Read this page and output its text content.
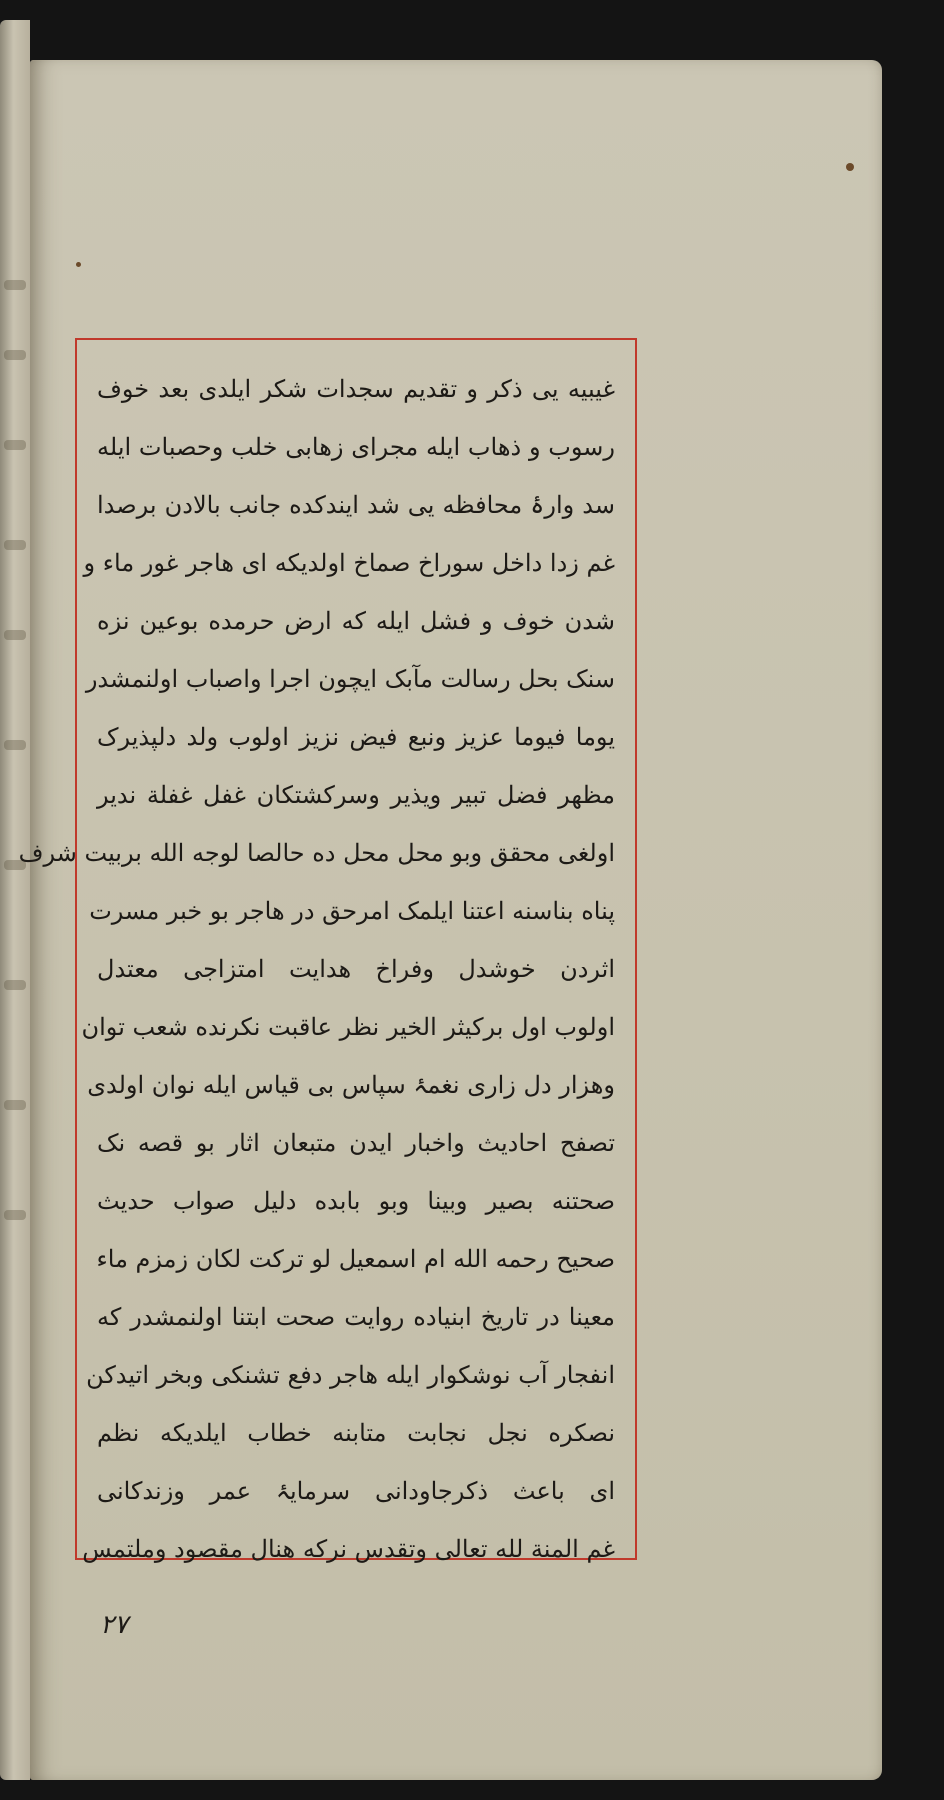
غیبیه یی ذکر و تقدیم سجدات شکر ایلدی بعد خوف
رسوب و ذهاب ایله مجرای زهابی خلب وحصبات ایله
سد وارۂ محافظه یی شد ایندکده جانب بالادن برصدا
غم زدا داخل سوراخ صماخ اولدیکه ای هاجر غور ماء و
شدن خوف و فشل ایله که ارض حرمده بوعین نزه
سنک بحل رسالت مآبک ایچون اجرا واصباب اولنمشدر
یوما فیوما عزیز ونبع فیض نزیز اولوب ولد دلپذیرک
مظهر فضل تبیر ویذیر وسرکشتکان غفل غفلة ندیر
اولغی محقق وبو محل محل ده حالصا لوجه الله بربیت شرف
پناه بناسنه اعتنا ایلمک امرحق در هاجر بو خبر مسرت
اثردن خوشدل وفراخ هدایت امتزاجی معتدل
اولوب اول برکیثر الخیر نظر عاقبت نکرنده شعب توان
وهزار دل زاری نغمۂ سپاس بی قیاس ایله نوان اولدی
تصفح احادیث واخبار ایدن متبعان اثار بو قصه نک
صحتنه بصیر وبینا وبو بابده دلیل صواب حدیث
صحیح رحمه الله ام اسمعیل لو ترکت لکان زمزم ماء
معینا در تاریخ ابنیاده روایت صحت ابتنا اولنمشدر که
انفجار آب نوشکوار ایله هاجر دفع تشنکی وبخر اتیدکن
نصکره نجل نجابت متابنه خطاب ایلدیکه نظم
ای باعث ذکرجاودانی سرمایۂ عمر وزندکانی
غم المنة لله تعالی وتقدس نرکه هنال مقصود وملتمس
۲۷
